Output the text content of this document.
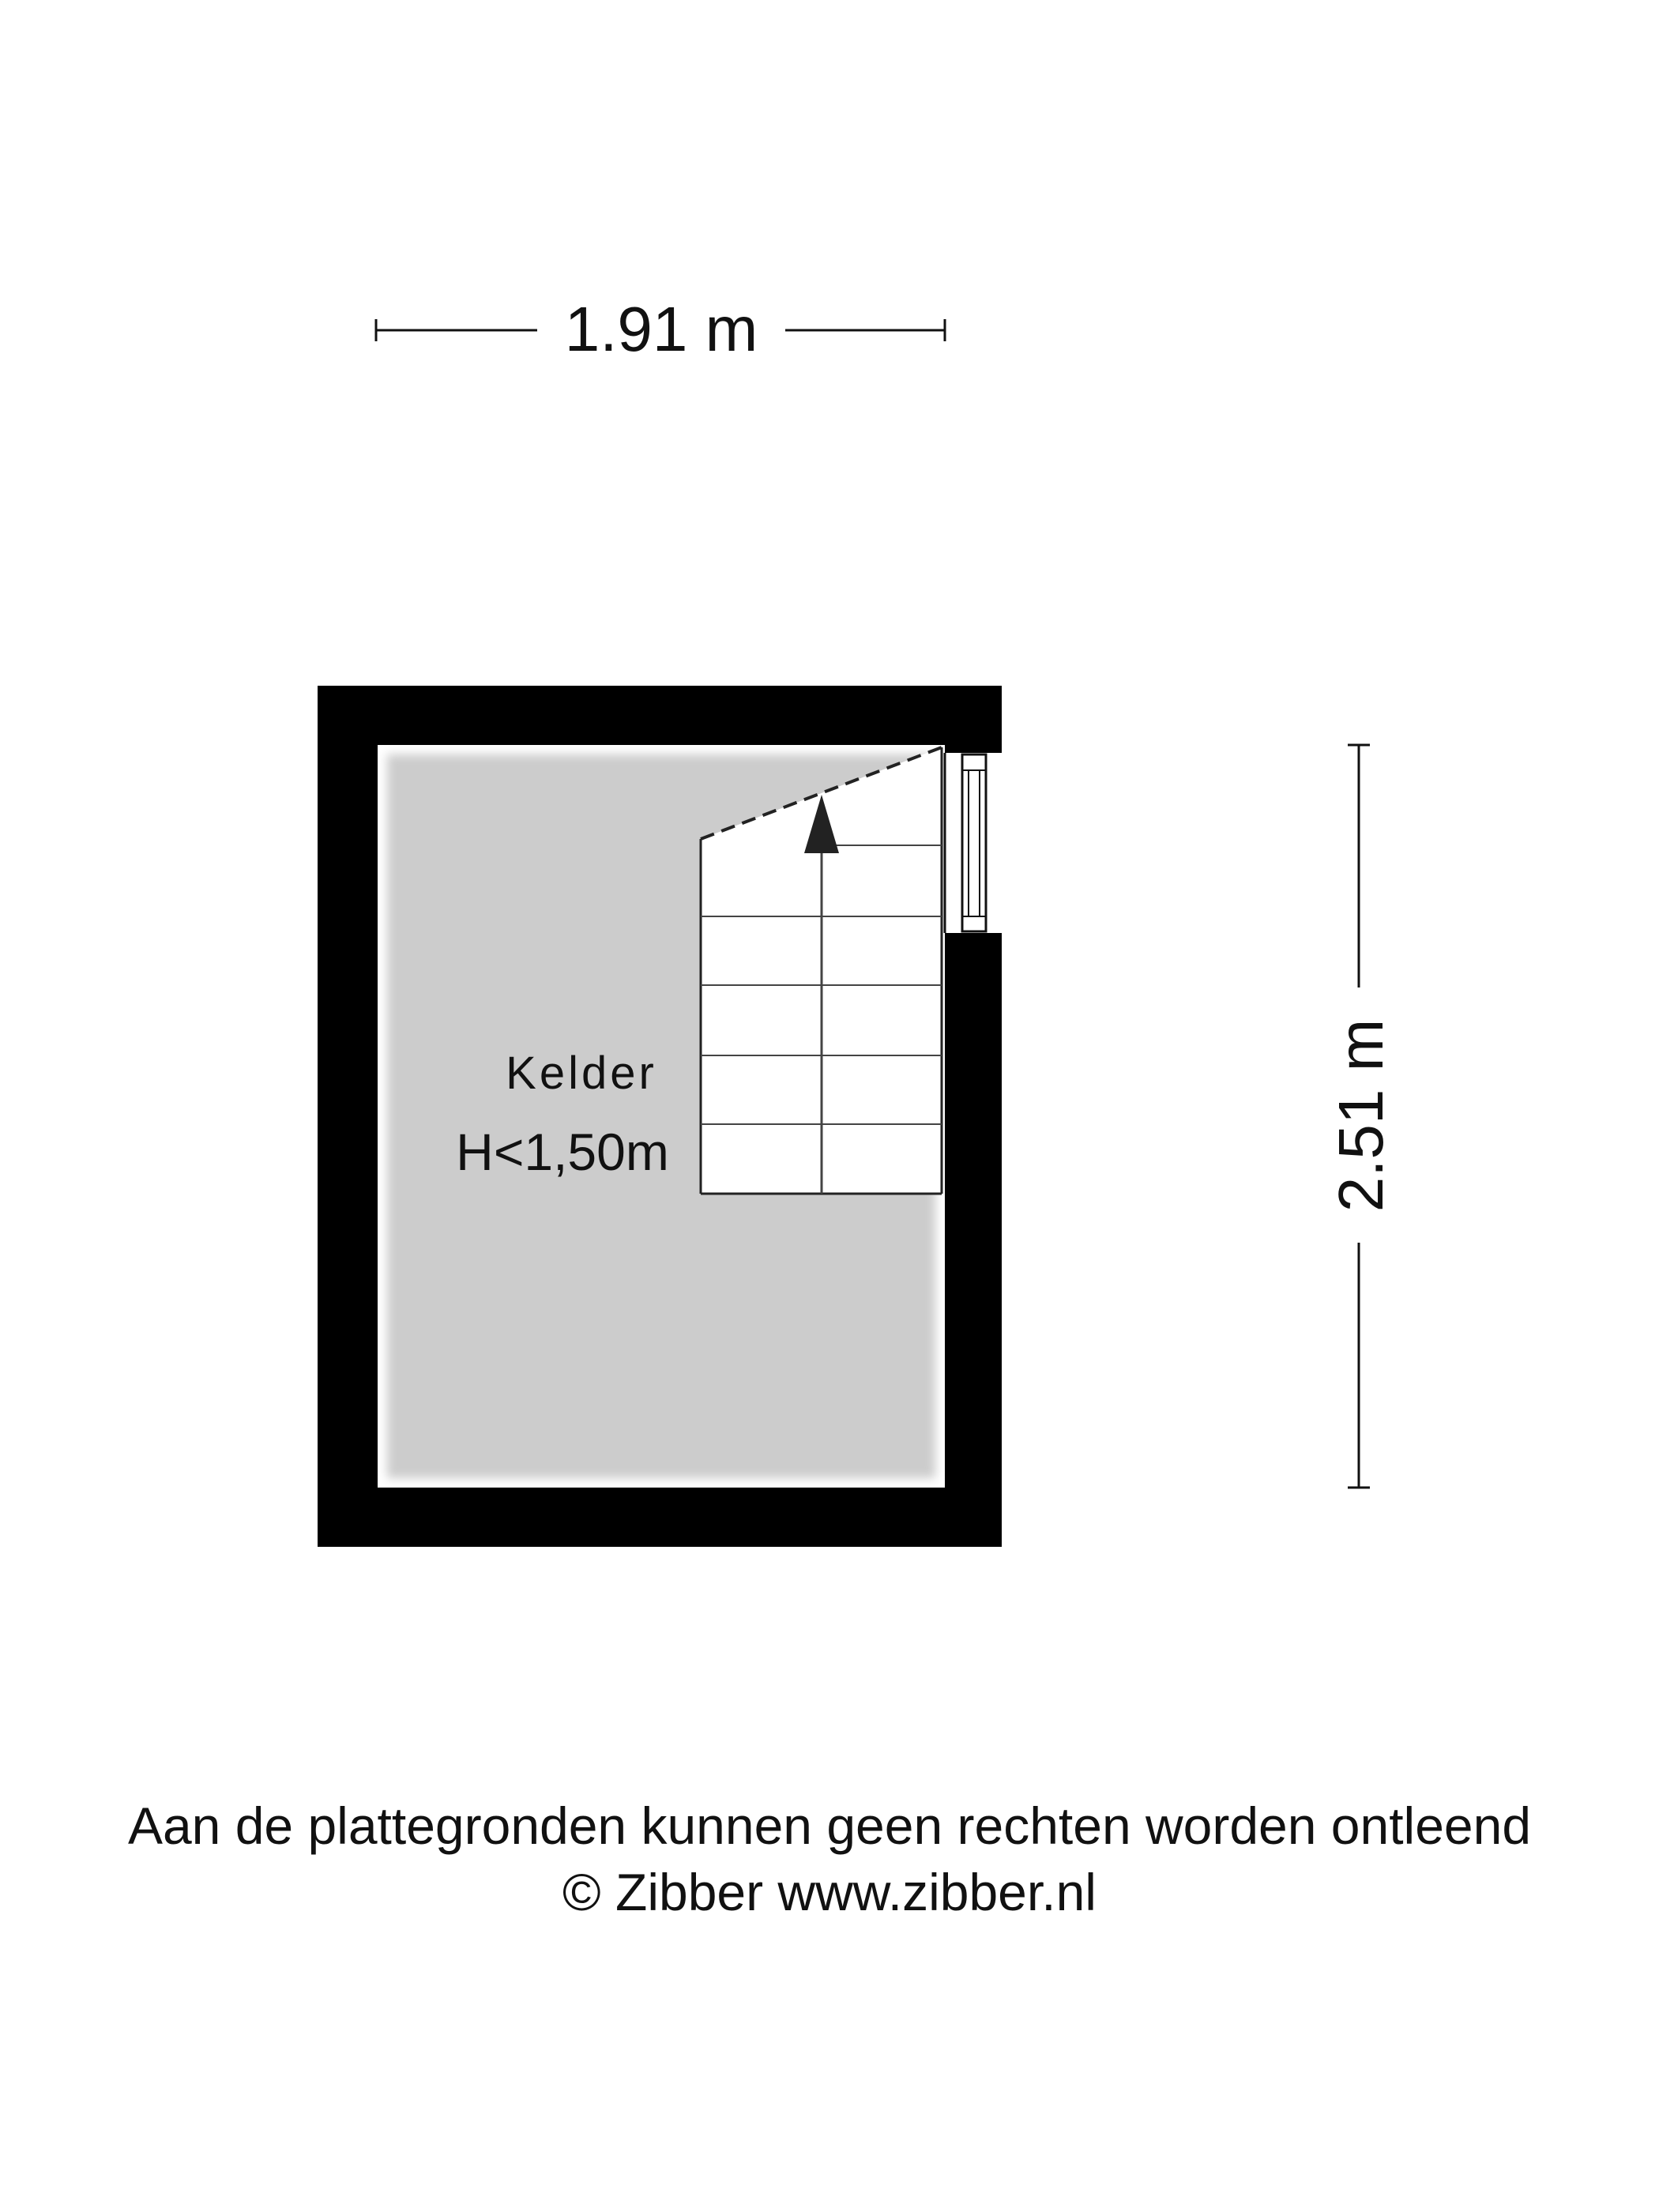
1.91 m
2.51 m
Kelder
H<1,50m
Aan de plattegronden kunnen geen rechten worden ontleend
© Zibber www.zibber.nl
